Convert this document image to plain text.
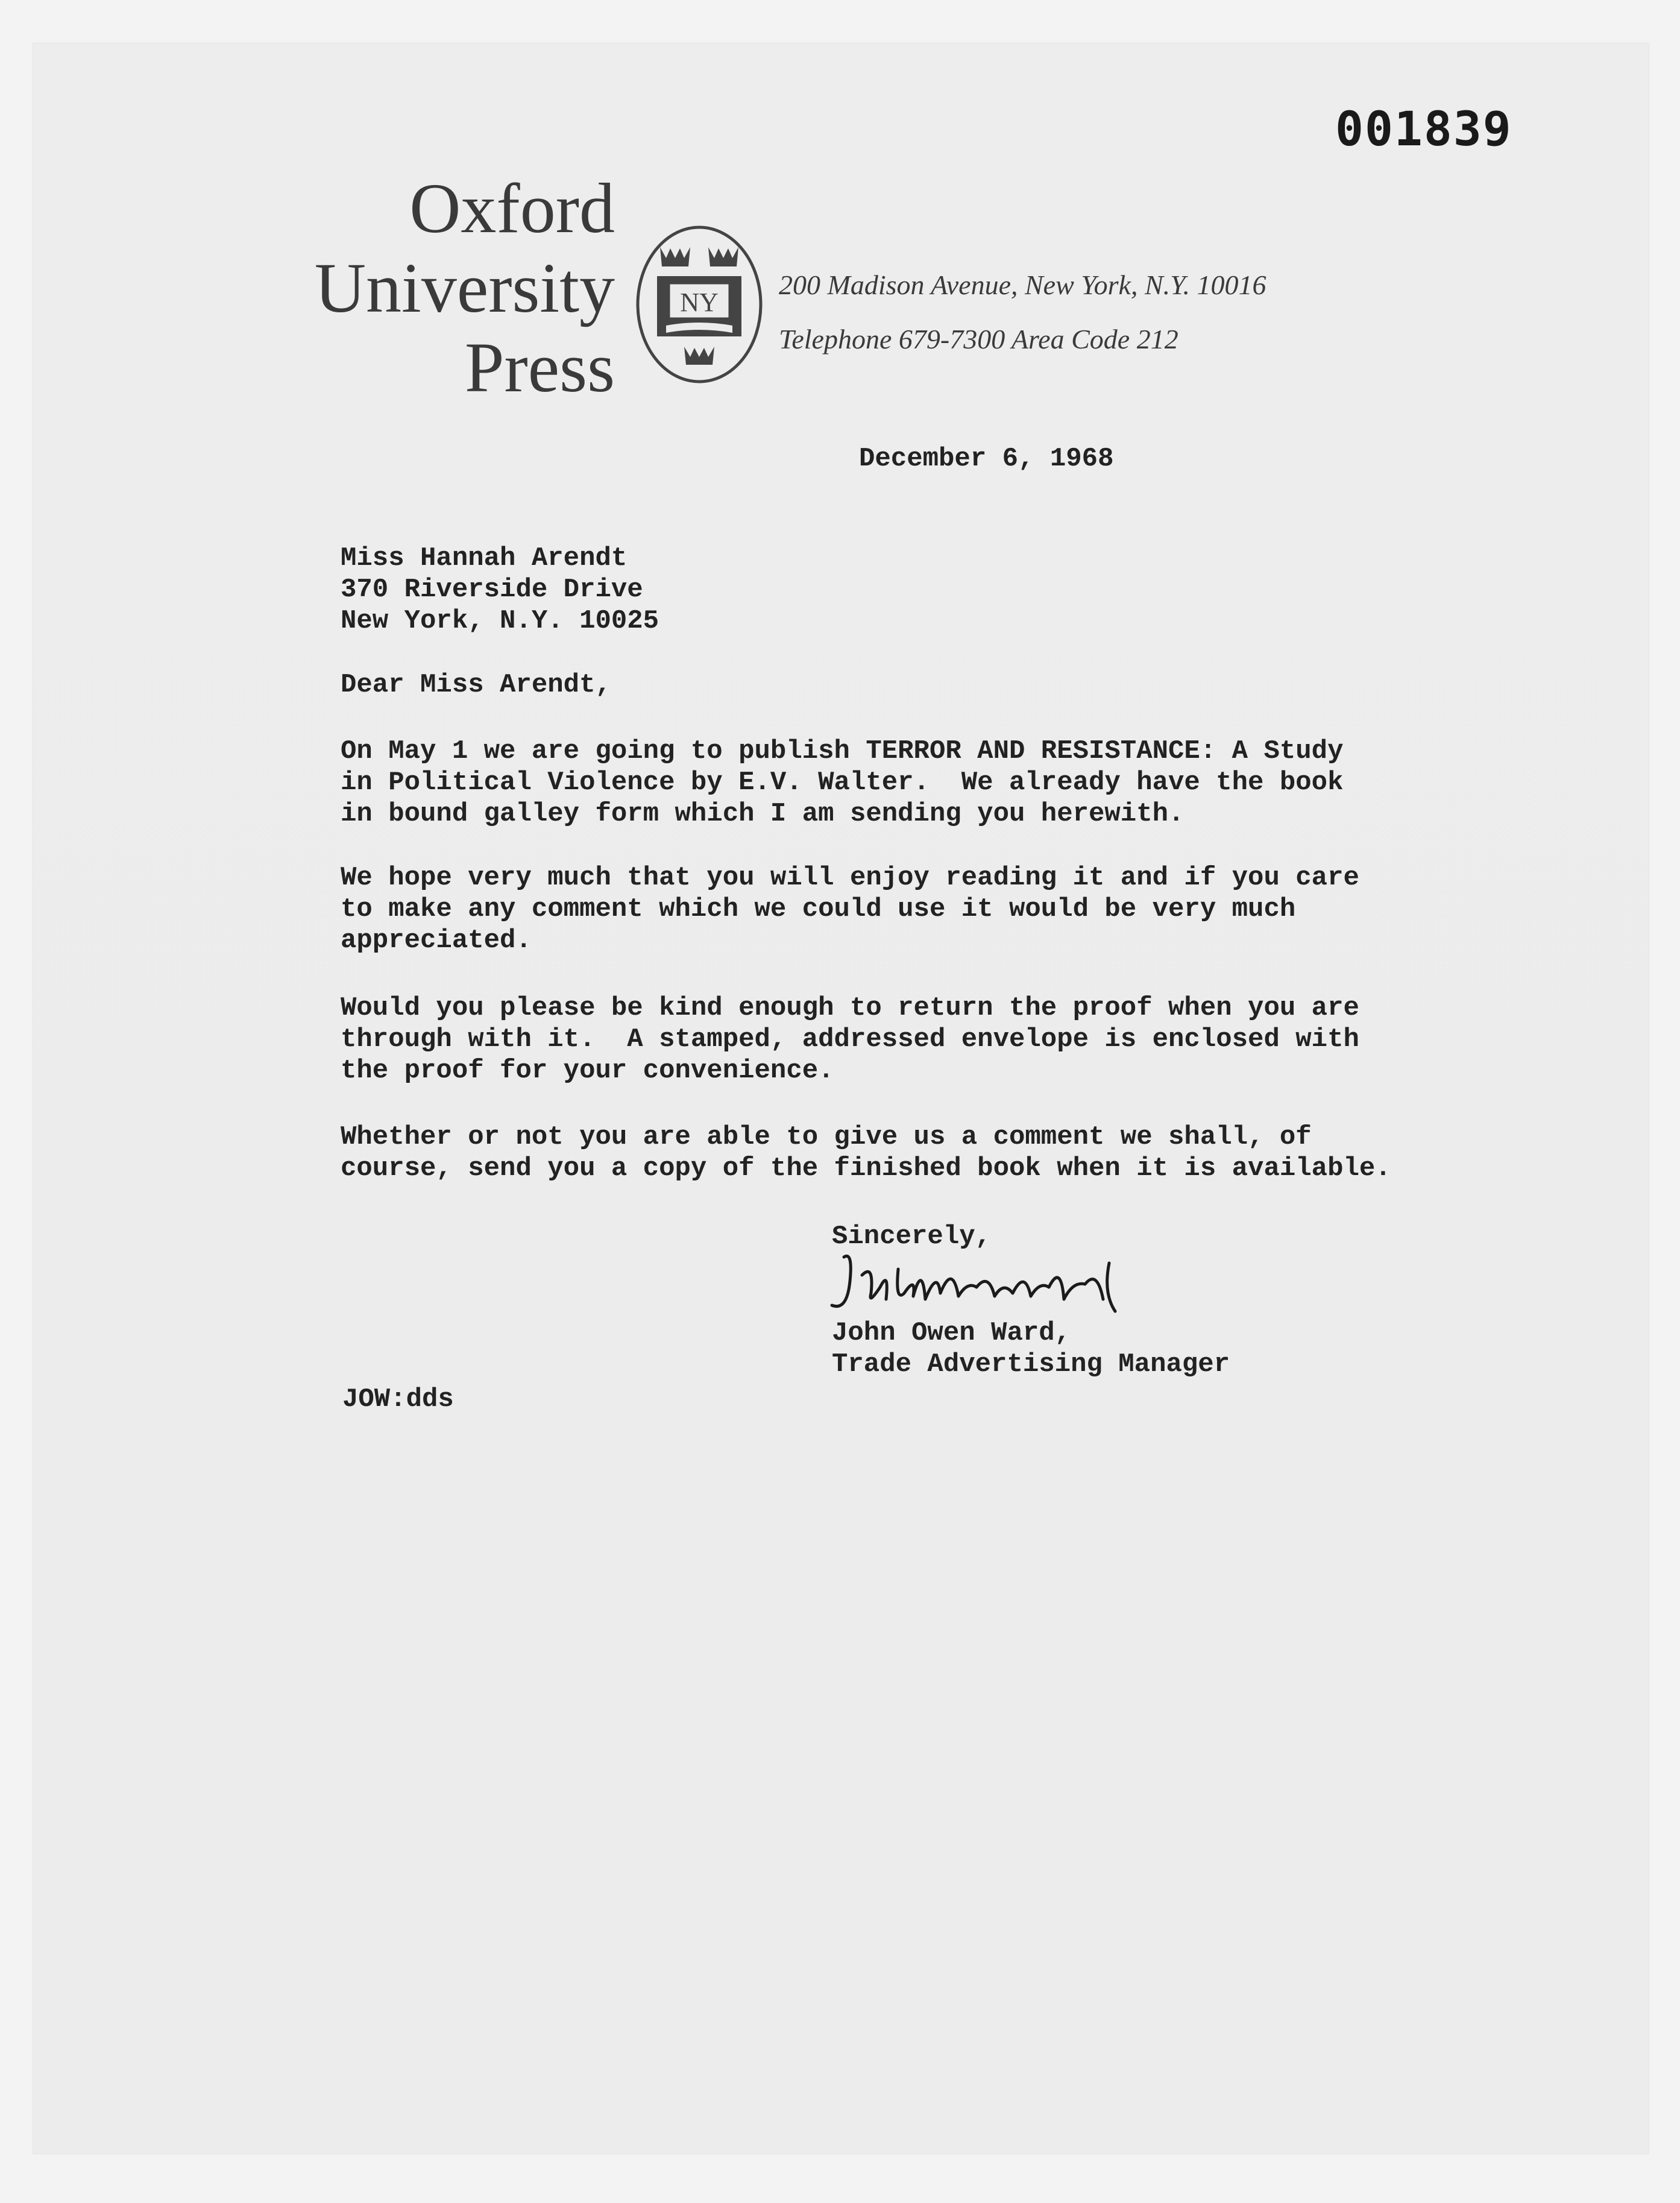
001839
Oxford
University
Press
NY
200 Madison Avenue, New York, N.Y. 10016
Telephone 679-7300 Area Code 212
December 6, 1968
Miss Hannah Arendt
370 Riverside Drive
New York, N.Y. 10025
Dear Miss Arendt,
On May 1 we are going to publish TERROR AND RESISTANCE: A Study
in Political Violence by E.V. Walter.  We already have the book
in bound galley form which I am sending you herewith.
We hope very much that you will enjoy reading it and if you care
to make any comment which we could use it would be very much
appreciated.
Would you please be kind enough to return the proof when you are
through with it.  A stamped, addressed envelope is enclosed with
the proof for your convenience.
Whether or not you are able to give us a comment we shall, of
course, send you a copy of the finished book when it is available.
Sincerely,
John Owen Ward,
Trade Advertising Manager
JOW:dds
